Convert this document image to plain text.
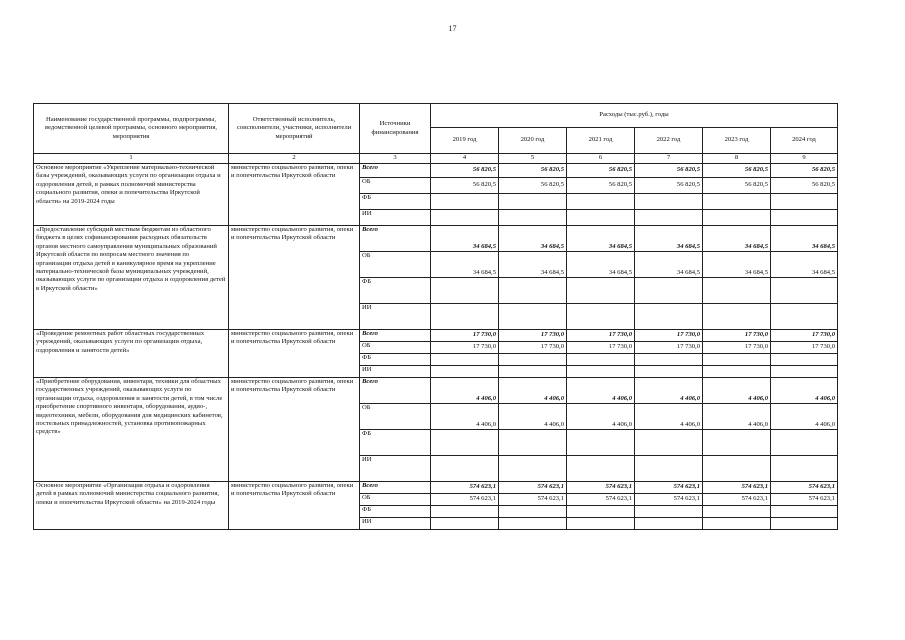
17
Наименование государственной программы, подпрограммы, ведомственной целевой программы, основного мероприятия, мероприятия	Ответственный исполнитель, соисполнители, участники, исполнители мероприятий	Источники финансирования	Расходы (тыс.руб.), годы					
			2019 год	2020 год	2021 год	2022 год	2023 год	2024 год
1	2	3	4	5	6	7	8	9
Основное мероприятие «Укрепление материально-технической базы учреждений, оказывающих услуги по организации отдыха и оздоровления детей, в рамках полномочий министерства социального развития, опеки и попечительства Иркутской области» на 2019-2024 годы	министерство социального развития, опеки и попечительства Иркутской области	Всего	56 820,5	56 820,5	56 820,5	56 820,5	56 820,5	56 820,5
		ОБ	56 820,5	56 820,5	56 820,5	56 820,5	56 820,5	56 820,5
		ФБ						
		ИИ						
«Предоставление субсидий местным бюджетам из областного бюджета в целях софинансирования расходных обязательств органов местного самоуправления муниципальных образований Иркутской области по вопросам местного значения по организации отдыха детей в каникулярное время на укрепление материально-технической базы муниципальных учреждений, оказывающих услуги по организации отдыха и оздоровления детей в Иркутской области»	министерство социального развития, опеки и попечительства Иркутской области	Всего	34 684,5	34 684,5	34 684,5	34 684,5	34 684,5	34 684,5
		ОБ	34 684,5	34 684,5	34 684,5	34 684,5	34 684,5	34 684,5
		ФБ						
		ИИ						
«Проведение ремонтных работ областных государственных учреждений, оказывающих услуги по организации отдыха, оздоровления и занятости детей»	министерство социального развития, опеки и попечительства Иркутской области	Всего	17 730,0	17 730,0	17 730,0	17 730,0	17 730,0	17 730,0
		ОБ	17 730,0	17 730,0	17 730,0	17 730,0	17 730,0	17 730,0
		ФБ						
		ИИ						
«Приобретение оборудования, инвентаря, техники для областных государственных учреждений, оказывающих услуги по организации отдыха, оздоровления и занятости детей, в том числе приобретение спортивного инвентаря, оборудования, аудио-, видеотехники, мебели, оборудования для медицинских кабинетов, постельных принадлежностей, установка противопожарных средств»	министерство социального развития, опеки и попечительства Иркутской области	Всего	4 406,0	4 406,0	4 406,0	4 406,0	4 406,0	4 406,0
		ОБ	4 406,0	4 406,0	4 406,0	4 406,0	4 406,0	4 406,0
		ФБ						
		ИИ						
Основное мероприятие «Организация отдыха и оздоровления детей в рамках полномочий министерства социального развития, опеки и попечительства Иркутской области» на 2019-2024 годы	министерство социального развития, опеки и попечительства Иркутской области	Всего	574 623,1	574 623,1	574 623,1	574 623,1	574 623,1	574 623,1
		ОБ	574 623,1	574 623,1	574 623,1	574 623,1	574 623,1	574 623,1
		ФБ						
		ИИ						
